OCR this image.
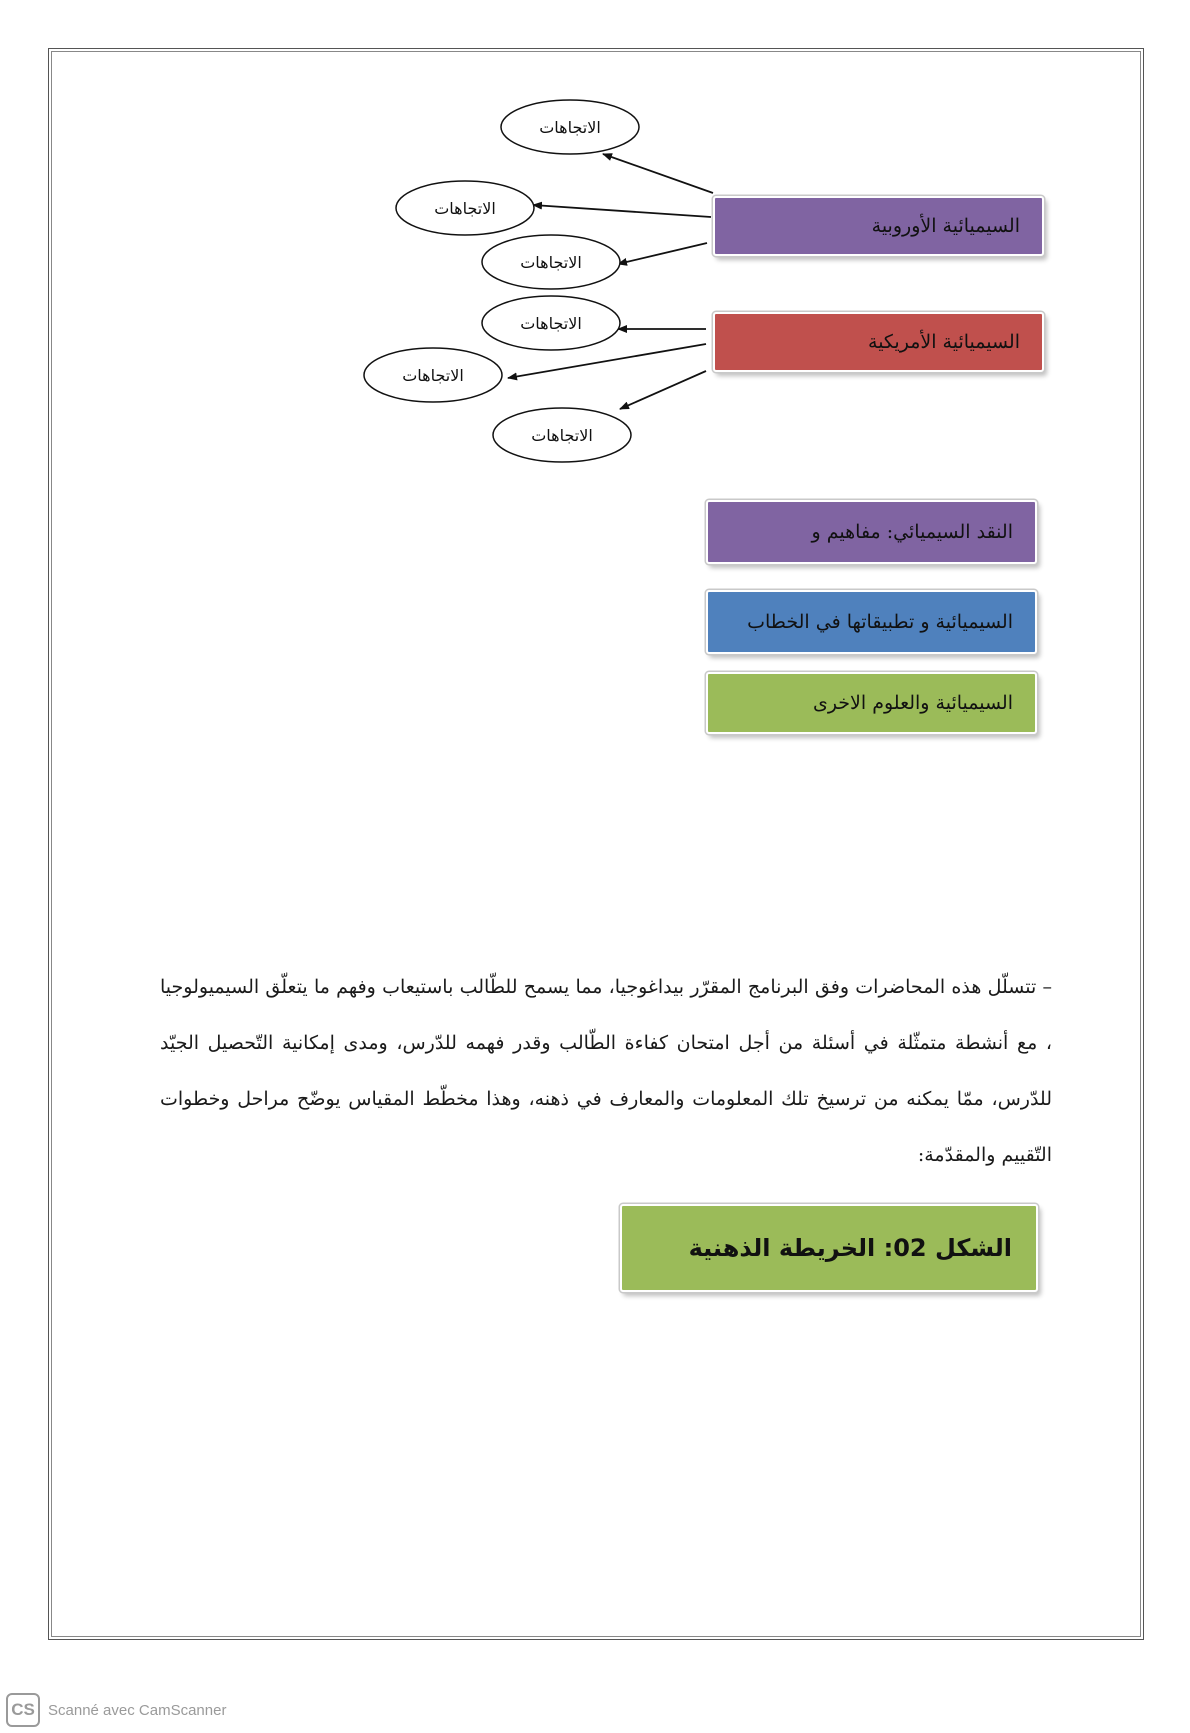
الاتجاهات
الاتجاهات
الاتجاهات
الاتجاهات
الاتجاهات
الاتجاهات
السيميائية الأوروبية
السيميائية الأمريكية
النقد السيميائي: مفاهيم و
السيميائية و تطبيقاتها في الخطاب
السيميائية والعلوم الاخرى

– تتسلّل هذه المحاضرات وفق البرنامج المقرّر بيداغوجيا، مما يسمح للطّالب باستيعاب وفهم ما يتعلّق السيميولوجيا ، مع أنشطة متمثّلة في أسئلة من أجل امتحان كفاءة الطّالب وقدر فهمه للدّرس، ومدى إمكانية التّحصيل الجيّد للدّرس، ممّا يمكنه من ترسيخ تلك المعلومات والمعارف في ذهنه، وهذا مخطّط المقياس يوضّح مراحل وخطوات التّقييم والمقدّمة:

الشكل 02: الخريطة الذهنية
CS Scanné avec CamScanner
